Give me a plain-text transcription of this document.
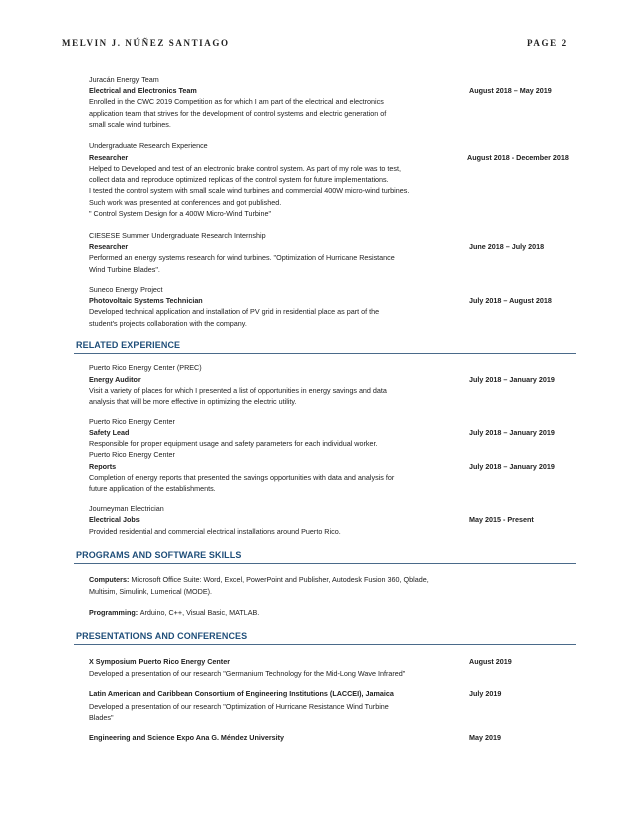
MELVIN J. NÚÑEZ SANTIAGO	PAGE 2
Juracán Energy Team
Electrical and Electronics Team	August 2018 – May 2019
Enrolled in the CWC 2019 Competition as for which I am part of the electrical and electronics
application team that strives for the development of control systems and electric generation of
small scale wind turbines.
Undergraduate Research Experience
Researcher	August 2018 - December 2018
Helped to Developed and test of an electronic brake control system. As part of my role was to test,
collect data and reproduce optimized replicas of the control system for future implementations.
I tested the control system with small scale wind turbines and commercial 400W micro-wind turbines.
Such work was presented at conferences and got published.
" Control System Design for a 400W Micro-Wind Turbine"
CIESESE Summer Undergraduate Research Internship
Researcher	June 2018 – July 2018
Performed an energy systems research for wind turbines. "Optimization of Hurricane Resistance
Wind Turbine Blades".
Suneco Energy Project
Photovoltaic Systems Technician	July 2018 – August 2018
Developed technical application and installation of PV grid in residential place as part of the
student's projects collaboration with the company.
RELATED EXPERIENCE
Puerto Rico Energy Center (PREC)
Energy Auditor	July 2018 – January 2019
Visit a variety of places for which I presented a list of opportunities in energy savings and data
analysis that will be more effective in optimizing the electric utility.
Puerto Rico Energy Center
Safety Lead	July 2018 – January 2019
Responsible for proper equipment usage and safety parameters for each individual worker.
Puerto Rico Energy Center
Reports	July 2018 – January 2019
Completion of energy reports that presented the savings opportunities with data and analysis for
future application of the establishments.
Journeyman Electrician
Electrical Jobs	May 2015 - Present
Provided residential and commercial electrical installations around Puerto Rico.
PROGRAMS AND SOFTWARE SKILLS
Computers: Microsoft Office Suite: Word, Excel, PowerPoint and Publisher, Autodesk Fusion 360, Qblade,
Multisim, Simulink, Lumerical (MODE).
Programming: Arduino, C++, Visual Basic, MATLAB.
PRESENTATIONS AND CONFERENCES
X Symposium Puerto Rico Energy Center	August 2019
Developed a presentation of our research "Germanium Technology for the Mid-Long Wave Infrared"
Latin American and Caribbean Consortium of Engineering Institutions (LACCEI), Jamaica	July 2019
Developed a presentation of our research "Optimization of Hurricane Resistance Wind Turbine
Blades"
Engineering and Science Expo Ana G. Méndez University	May 2019
